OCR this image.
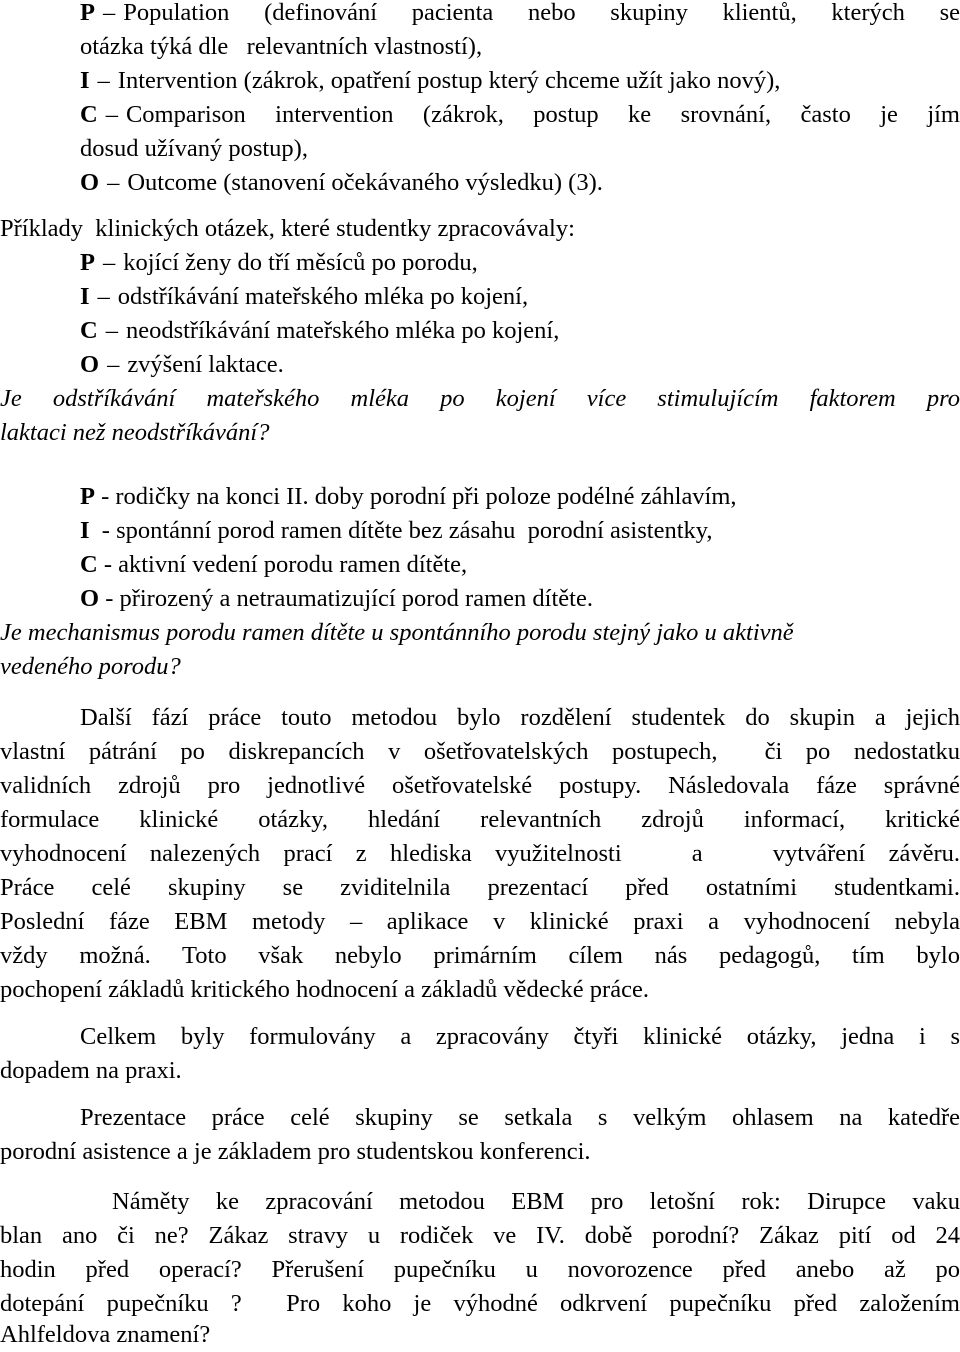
P – Population (definování pacienta nebo skupiny klientů, kterých se
otázka týká dle   relevantních vlastností),
I – Intervention (zákrok, opatření postup který chceme užít jako nový),
C – Comparison intervention (zákrok, postup ke srovnání, často je jím
dosud užívaný postup),
O – Outcome (stanovení očekávaného výsledku) (3).
Příklady  klinických otázek, které studentky zpracovávaly:
P – kojící ženy do tří měsíců po porodu,
I – odstříkávání mateřského mléka po kojení,
C – neodstříkávání mateřského mléka po kojení,
O – zvýšení laktace.
Je odstříkávání mateřského mléka po kojení více stimulujícím faktorem pro
laktaci než neodstříkávání?
P - rodičky na konci II. doby porodní při poloze podélné záhlavím,
I  - spontánní porod ramen dítěte bez zásahu  porodní asistentky,
C - aktivní vedení porodu ramen dítěte,
O - přirozený a netraumatizující porod ramen dítěte.
Je mechanismus porodu ramen dítěte u spontánního porodu stejný jako u aktivně
vedeného porodu?
Další fází práce touto metodou bylo rozdělení studentek do skupin a jejich
vlastní pátrání po diskrepancích v ošetřovatelských postupech,  či po nedostatku
validních zdrojů pro jednotlivé ošetřovatelské postupy. Následovala fáze správné
formulace klinické otázky, hledání relevantních zdrojů informací, kritické
vyhodnocení nalezených prací z hlediska využitelnosti   a   vytváření závěru.
Práce celé skupiny se zviditelnila prezentací před ostatními studentkami.
Poslední fáze EBM metody – aplikace v klinické praxi a vyhodnocení nebyla
vždy možná. Toto však nebylo primárním cílem nás pedagogů, tím bylo
pochopení základů kritického hodnocení a základů vědecké práce.
Celkem byly formulovány a zpracovány čtyři klinické otázky, jedna i s
dopadem na praxi.
Prezentace práce celé skupiny se setkala s velkým ohlasem na katedře
porodní asistence a je základem pro studentskou konferenci.
Náměty ke zpracování metodou EBM pro letošní rok: Dirupce vaku
blan ano či ne? Zákaz stravy u rodiček ve IV. době porodní? Zákaz pití od 24
hodin před operací? Přerušení pupečníku u novorozence před anebo až po
dotepání pupečníku ?  Pro koho je výhodné odkrvení pupečníku před založením
Ahlfeldova znamení?
